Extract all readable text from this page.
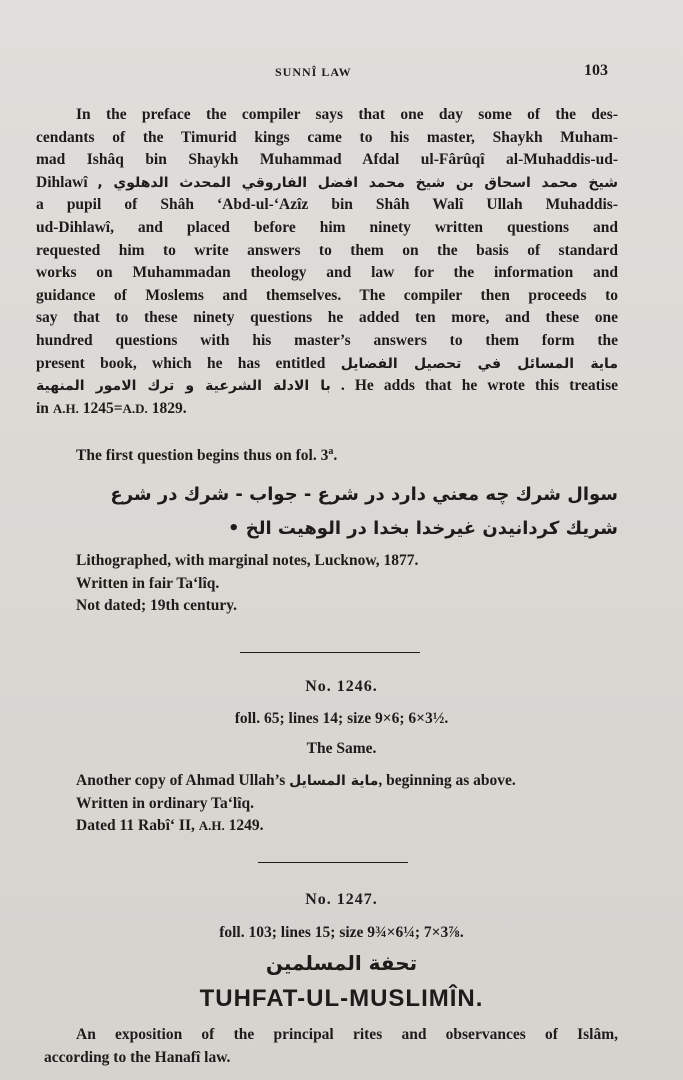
SUNNÎ LAW	103
In the preface the compiler says that one day some of the des-
cendants of the Timurid kings came to his master, Shaykh Muham-
mad Ishâq bin Shaykh Muhammad Afdal ul-Fârûqî al-Muhaddis-ud-
Dihlawî شیخ محمد اسحاق بن شیخ محمد افضل الفاروقي المحدث الدهلوي ,
a pupil of Shâh ‘Abd-ul-‘Azîz bin Shâh Walî Ullah Muhaddis-
ud-Dihlawî, and placed before him ninety written questions and
requested him to write answers to them on the basis of standard
works on Muhammadan theology and law for the information and
guidance of Moslems and themselves. The compiler then proceeds to
say that to these ninety questions he added ten more, and these one
hundred questions with his master’s answers to them form the
present book, which he has entitled ماية المسائل في تحصيل الفضايل
با الادلة الشرعية و ترك الامور المنهية . He adds that he wrote this treatise
in A.H. 1245=A.D. 1829.
The first question begins thus on fol. 3$^a$.
سوال شرك چه معني دارد در شرع - جواب - شرك در شرع
شريك كردانيدن غيرخدا بخدا در الوهيت الخ •
Lithographed, with marginal notes, Lucknow, 1877.
Written in fair Ta‘lîq.
Not dated; 19th century.
No. 1246.
foll. 65; lines 14; size 9×6; 6×3½.
The Same.
Another copy of Ahmad Ullah’s ماية المسايل, beginning as above.
Written in ordinary Ta‘lîq.
Dated 11 Rabî‘ II, A.H. 1249.
No. 1247.
foll. 103; lines 15; size 9¾×6¼; 7×3⅞.
تحفة المسلمين
TUHFAT-UL-MUSLIMÎN.
An exposition of the principal rites and observances of Islâm,
according to the Hanafî law.
